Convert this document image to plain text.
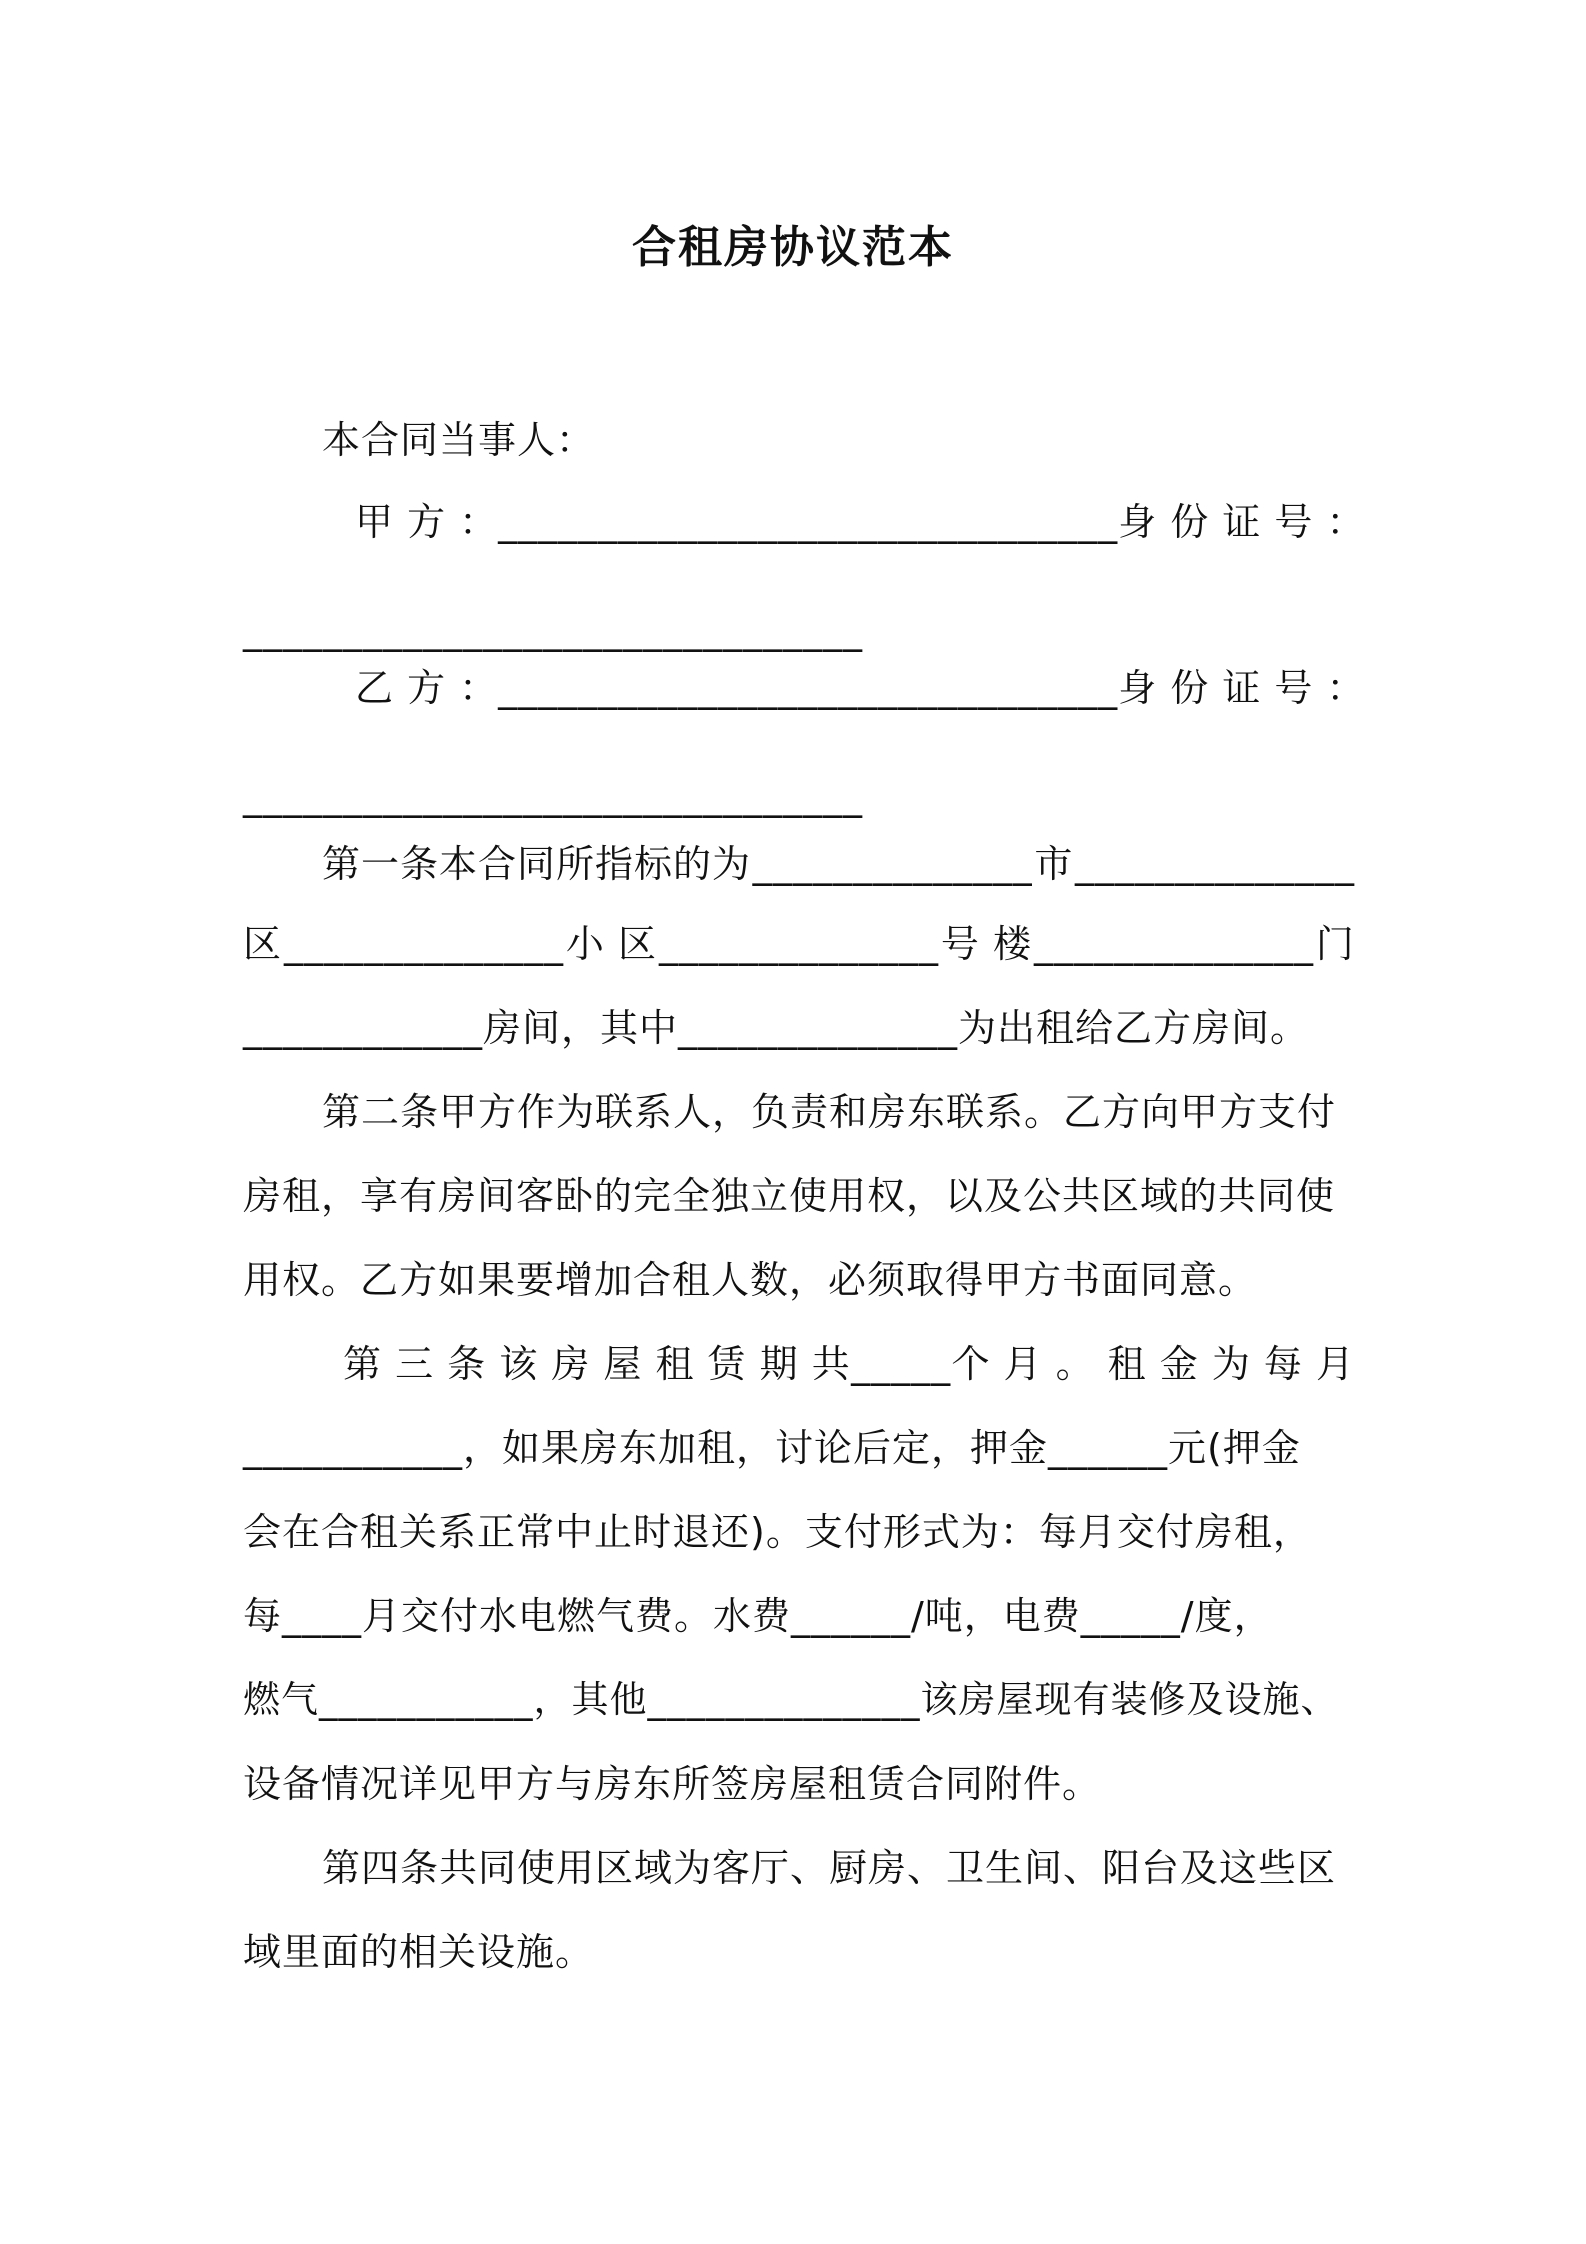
合租房协议范本
本合同当事人：
甲 方 ： _______________________________ 身 份 证 号 ：
_______________________________
乙 方 ： _______________________________ 身 份 证 号 ：
_______________________________
第一条本合同所指标的为 ______________ 市 ______________
区 ______________ 小 区 ______________ 号 楼 ______________ 门
____________房间，其中______________为出租给乙方房间。
第二条甲方作为联系人，负责和房东联系。乙方向甲方支付
房租，享有房间客卧的完全独立使用权，以及公共区域的共同使
用权。乙方如果要增加合租人数，必须取得甲方书面同意。
第 三 条 该 房 屋 租 赁 期 共 _____ 个 月 。 租 金 为 每 月
___________，如果房东加租，讨论后定，押金______元(押金
会在合租关系正常中止时退还)。支付形式为：每月交付房租，
每____月交付水电燃气费。水费______/吨，电费_____/度，
燃气___________，其他______________该房屋现有装修及设施、
设备情况详见甲方与房东所签房屋租赁合同附件。
第四条共同使用区域为客厅、厨房、卫生间、阳台及这些区
域里面的相关设施。
